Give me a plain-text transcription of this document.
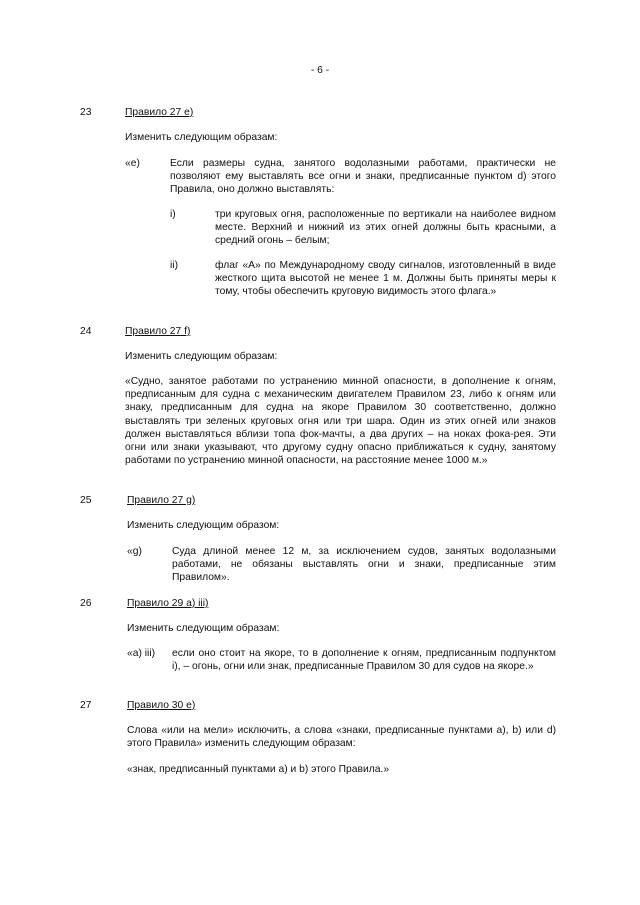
- 6 -
23	Правило 27 е)
Изменить следующим образам:
«е)	Если размеры судна, занятого водолазными работами, практически не позволяют ему выставлять все огни и знаки, предписанные пунктом d) этого Правила, оно должно выставлять:
i)	три круговых огня, расположенные по вертикали на наиболее видном месте. Верхний и нижний из этих огней должны быть красными, а средний огонь – белым;
ii)	флаг «А» по Международному своду сигналов, изготовленный в виде жесткого щита высотой не менее 1 м. Должны быть приняты меры к тому, чтобы обеспечить круговую видимость этого флага.»
24	Правило 27 f)
Изменить следующим образам:
«Судно, занятое работами по устранению минной опасности, в дополнение к огням, предписанным для судна с механическим двигателем Правилом 23, либо к огням или знаку, предписанным для судна на якоре Правилом 30 соответственно, должно выставлять три зеленых круговых огня или три шара. Один из этих огней или знаков должен выставляться вблизи топа фок-мачты, а два других – на ноках фока-рея. Эти огни или знаки указывают, что другому судну опасно приближаться к судну, занятому работами по устранению минной опасности, на расстояние менее 1000 м.»
25	Правило 27 g)
Изменить следующим образом:
«g)	Суда длиной менее 12 м, за исключением судов, занятых водолазными работами, не обязаны выставлять огни и знаки, предписанные этим Правилом».
26	Правило 29 а) iii)
Изменить следующим образам:
«а) iii) если оно стоит на якоре, то в дополнение к огням, предписанным подпунктом i), – огонь, огни или знак, предписанные Правилом 30 для судов на якоре.»
27	Правило 30 е)
Слова «или на мели» исключить, а слова «знаки, предписанные пунктами а), b) или d) этого Правила» изменить следующим образам:
«знак, предписанный пунктами а) и b) этого Правила.»
